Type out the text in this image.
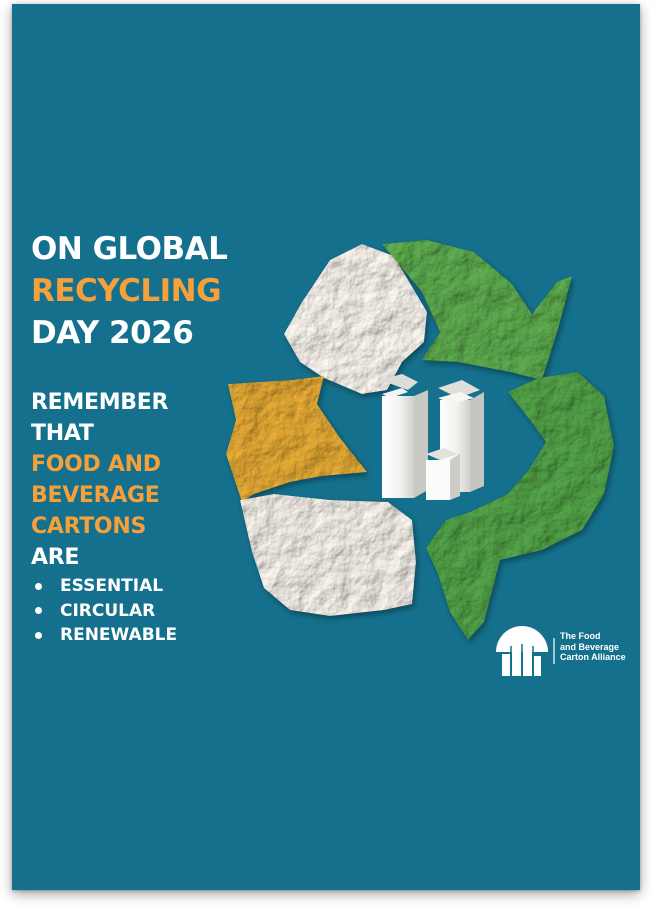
ON GLOBAL
RECYCLING
DAY 2026
REMEMBER
THAT
FOOD AND
BEVERAGE
CARTONS
ARE
ESSENTIAL
CIRCULAR
RENEWABLE	The Food
and Beverage
Carton Alliance
